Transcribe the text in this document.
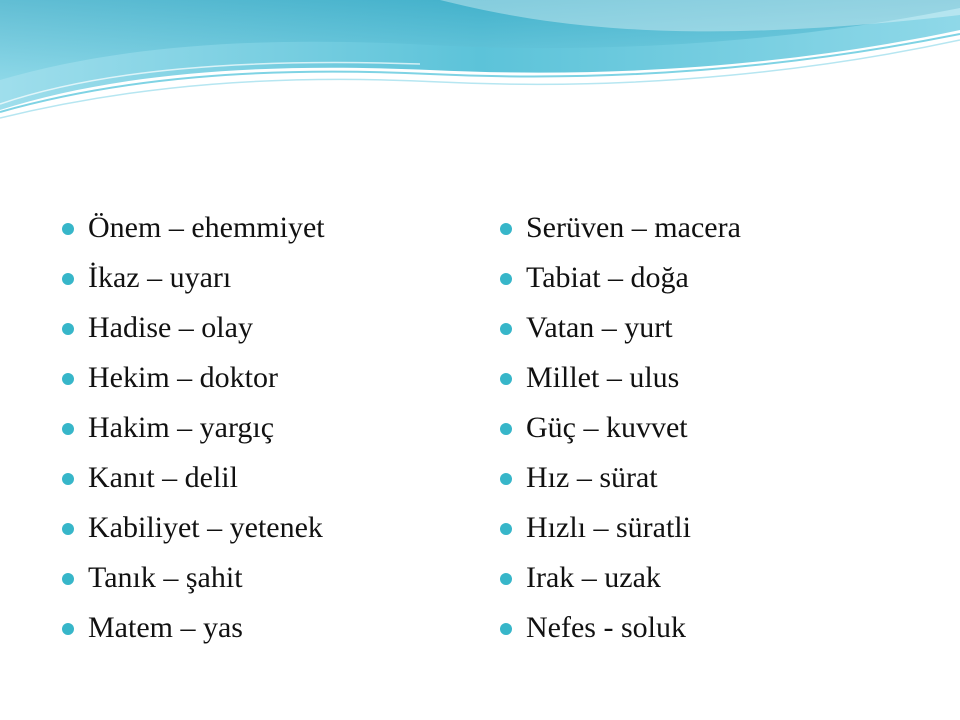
Önem – ehemmiyet
İkaz – uyarı
Hadise – olay
Hekim – doktor
Hakim – yargıç
Kanıt – delil
Kabiliyet – yetenek
Tanık – şahit
Matem – yas
Serüven – macera
Tabiat – doğa
Vatan – yurt
Millet – ulus
Güç – kuvvet
Hız – sürat
Hızlı – süratli
Irak – uzak
Nefes - soluk
